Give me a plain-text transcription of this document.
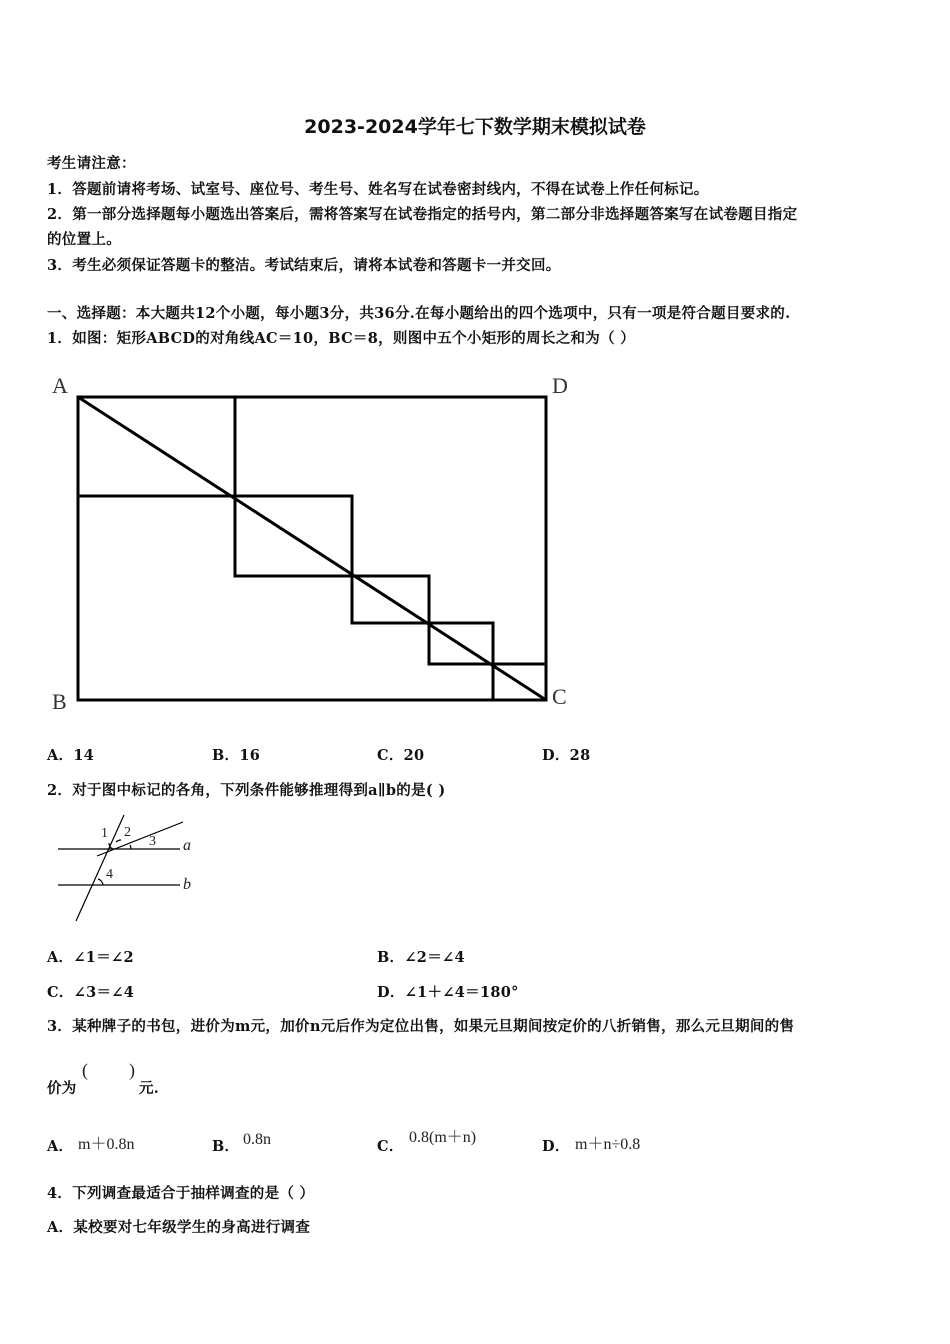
2023-2024学年七下数学期末模拟试卷
考生请注意：
1．答题前请将考场、试室号、座位号、考生号、姓名写在试卷密封线内，不得在试卷上作任何标记。
2．第一部分选择题每小题选出答案后，需将答案写在试卷指定的括号内，第二部分非选择题答案写在试卷题目指定
的位置上。
3．考生必须保证答题卡的整洁。考试结束后，请将本试卷和答题卡一并交回。
一、选择题：本大题共12个小题，每小题3分，共36分.在每小题给出的四个选项中，只有一项是符合题目要求的.
1．如图：矩形ABCD的对角线AC＝10，BC＝8，则图中五个小矩形的周长之和为（ ）
A	D
B	C
A．14	B．16	C．20	D．28
2．对于图中标记的各角，下列条件能够推理得到a∥b的是( )
1 2
3
4
a
b
A．∠1＝∠2	B．∠2＝∠4
C．∠3＝∠4	D．∠1＋∠4＝180°
3．某种牌子的书包，进价为m元，加价n元后作为定位出售，如果元旦期间按定价的八折销售，那么元旦期间的售
价为
( )
元.
A． m＋0.8n	B． 0.8n	C．
0.8(m＋n)
D． m＋n÷0.8
4．下列调查最适合于抽样调查的是（ ）
A．某校要对七年级学生的身高进行调查
